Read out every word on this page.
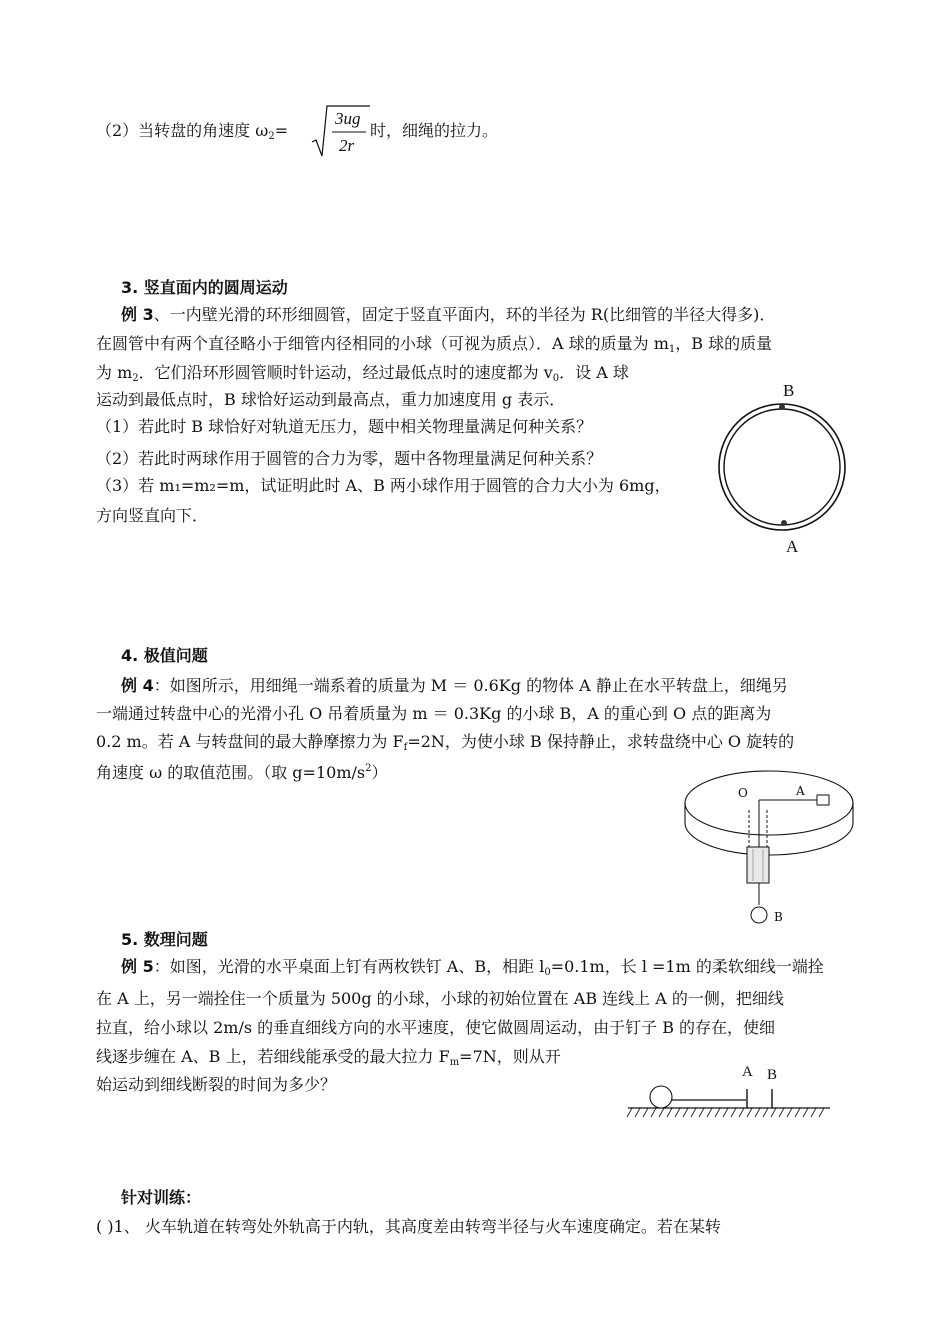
（2）当转盘的角速度 $\omega_2=$
3ug
2r
时，细绳的拉力。
3. 竖直面内的圆周运动
例 3、一内壁光滑的环形细圆管，固定于竖直平面内，环的半径为 R(比细管的半径大得多)．
在圆管中有两个直径略小于细管内径相同的小球（可视为质点）．A 球的质量为 $m_1$，B 球的质量
为 $m_2$．它们沿环形圆管顺时针运动，经过最低点时的速度都为 $v_0$．设 A 球
运动到最低点时，B 球恰好运动到最高点，重力加速度用 g 表示．
（1）若此时 B 球恰好对轨道无压力，题中相关物理量满足何种关系？
（2）若此时两球作用于圆管的合力为零，题中各物理量满足何种关系？
（3）若 m₁=m₂=m，试证明此时 A、B 两小球作用于圆管的合力大小为 6mg，
方向竖直向下．
B
A
4. 极值问题
例 4：如图所示，用细绳一端系着的质量为 M ＝ 0.6Kg 的物体 A 静止在水平转盘上，细绳另
一端通过转盘中心的光滑小孔 O 吊着质量为 m ＝ 0.3Kg 的小球 B，A 的重心到 O 点的距离为
0.2 m。若 A 与转盘间的最大静摩擦力为 $F_f=2N$，为使小球 B 保持静止，求转盘绕中心 O 旋转的
角速度 ω 的取值范围。（取 $g=10m/s^2$）
O	A
B
5. 数理问题
例 5：如图，光滑的水平桌面上钉有两枚铁钉 A、B，相距 $l_0=0.1m$，长 l =1m 的柔软细线一端拴
在 A 上，另一端拴住一个质量为 500g 的小球，小球的初始位置在 AB 连线上 A 的一侧，把细线
拉直，给小球以 2m/s 的垂直细线方向的水平速度，使它做圆周运动，由于钉子 B 的存在，使细
线逐步缠在 A、B 上，若细线能承受的最大拉力 $F_m=7N$，则从开
始运动到细线断裂的时间为多少？
A B
针对训练：
( )1、 火车轨道在转弯处外轨高于内轨，其高度差由转弯半径与火车速度确定。若在某转
